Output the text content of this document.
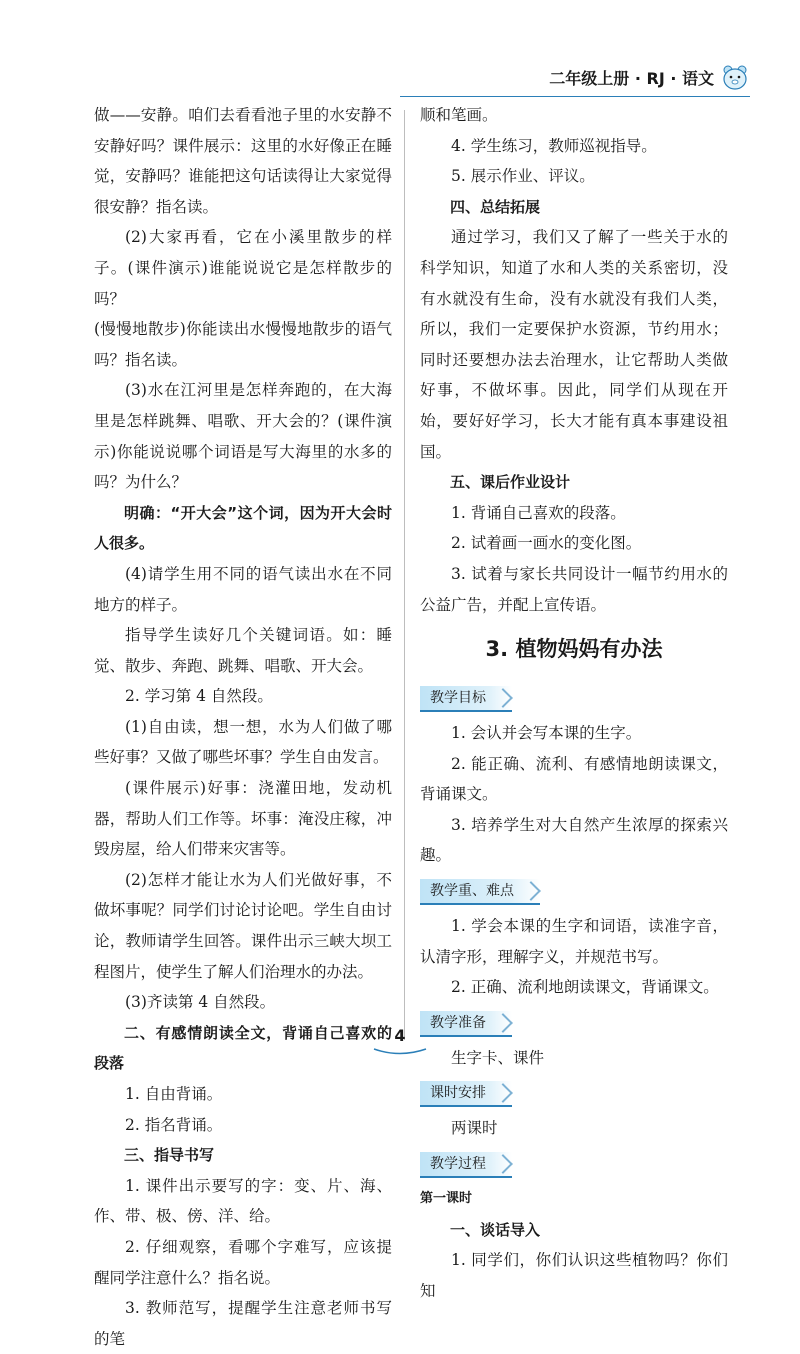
二年级上册 · RJ · 语文

做——安静。咱们去看看池子里的水安静不安静好吗？课件展示：这里的水好像正在睡觉，安静吗？谁能把这句话读得让大家觉得很安静？指名读。

(2)大家再看，它在小溪里散步的样子。(课件演示)谁能说说它是怎样散步的吗？

(慢慢地散步)你能读出水慢慢地散步的语气吗？指名读。

(3)水在江河里是怎样奔跑的，在大海里是怎样跳舞、唱歌、开大会的？(课件演示)你能说说哪个词语是写大海里的水多的吗？为什么？

明确：“开大会”这个词，因为开大会时人很多。

(4)请学生用不同的语气读出水在不同地方的样子。

指导学生读好几个关键词语。如：睡觉、散步、奔跑、跳舞、唱歌、开大会。

2. 学习第 4 自然段。

(1)自由读，想一想，水为人们做了哪些好事？又做了哪些坏事？学生自由发言。

(课件展示)好事：浇灌田地，发动机器，帮助人们工作等。坏事：淹没庄稼，冲毁房屋，给人们带来灾害等。

(2)怎样才能让水为人们光做好事，不做坏事呢？同学们讨论讨论吧。学生自由讨论，教师请学生回答。课件出示三峡大坝工程图片，使学生了解人们治理水的办法。

(3)齐读第 4 自然段。

二、有感情朗读全文，背诵自己喜欢的段落

1. 自由背诵。

2. 指名背诵。

三、指导书写

1. 课件出示要写的字：变、片、海、作、带、极、傍、洋、给。

2. 仔细观察，看哪个字难写，应该提醒同学注意什么？指名说。

3. 教师范写，提醒学生注意老师书写的笔

顺和笔画。

4. 学生练习，教师巡视指导。

5. 展示作业、评议。

四、总结拓展

通过学习，我们又了解了一些关于水的科学知识，知道了水和人类的关系密切，没有水就没有生命，没有水就没有我们人类，所以，我们一定要保护水资源，节约用水；同时还要想办法去治理水，让它帮助人类做好事，不做坏事。因此，同学们从现在开始，要好好学习，长大才能有真本事建设祖国。

五、课后作业设计

1. 背诵自己喜欢的段落。

2. 试着画一画水的变化图。

3. 试着与家长共同设计一幅节约用水的公益广告，并配上宣传语。

3. 植物妈妈有办法
教学目标

1. 会认并会写本课的生字。

2. 能正确、流利、有感情地朗读课文，背诵课文。

3. 培养学生对大自然产生浓厚的探索兴趣。

教学重、难点

1. 学会本课的生字和词语，读准字音，认清字形，理解字义，并规范书写。

2. 正确、流利地朗读课文，背诵课文。

教学准备

生字卡、课件

课时安排

两课时

教学过程

第一课时

一、谈话导入

1. 同学们，你们认识这些植物吗？你们知

4
